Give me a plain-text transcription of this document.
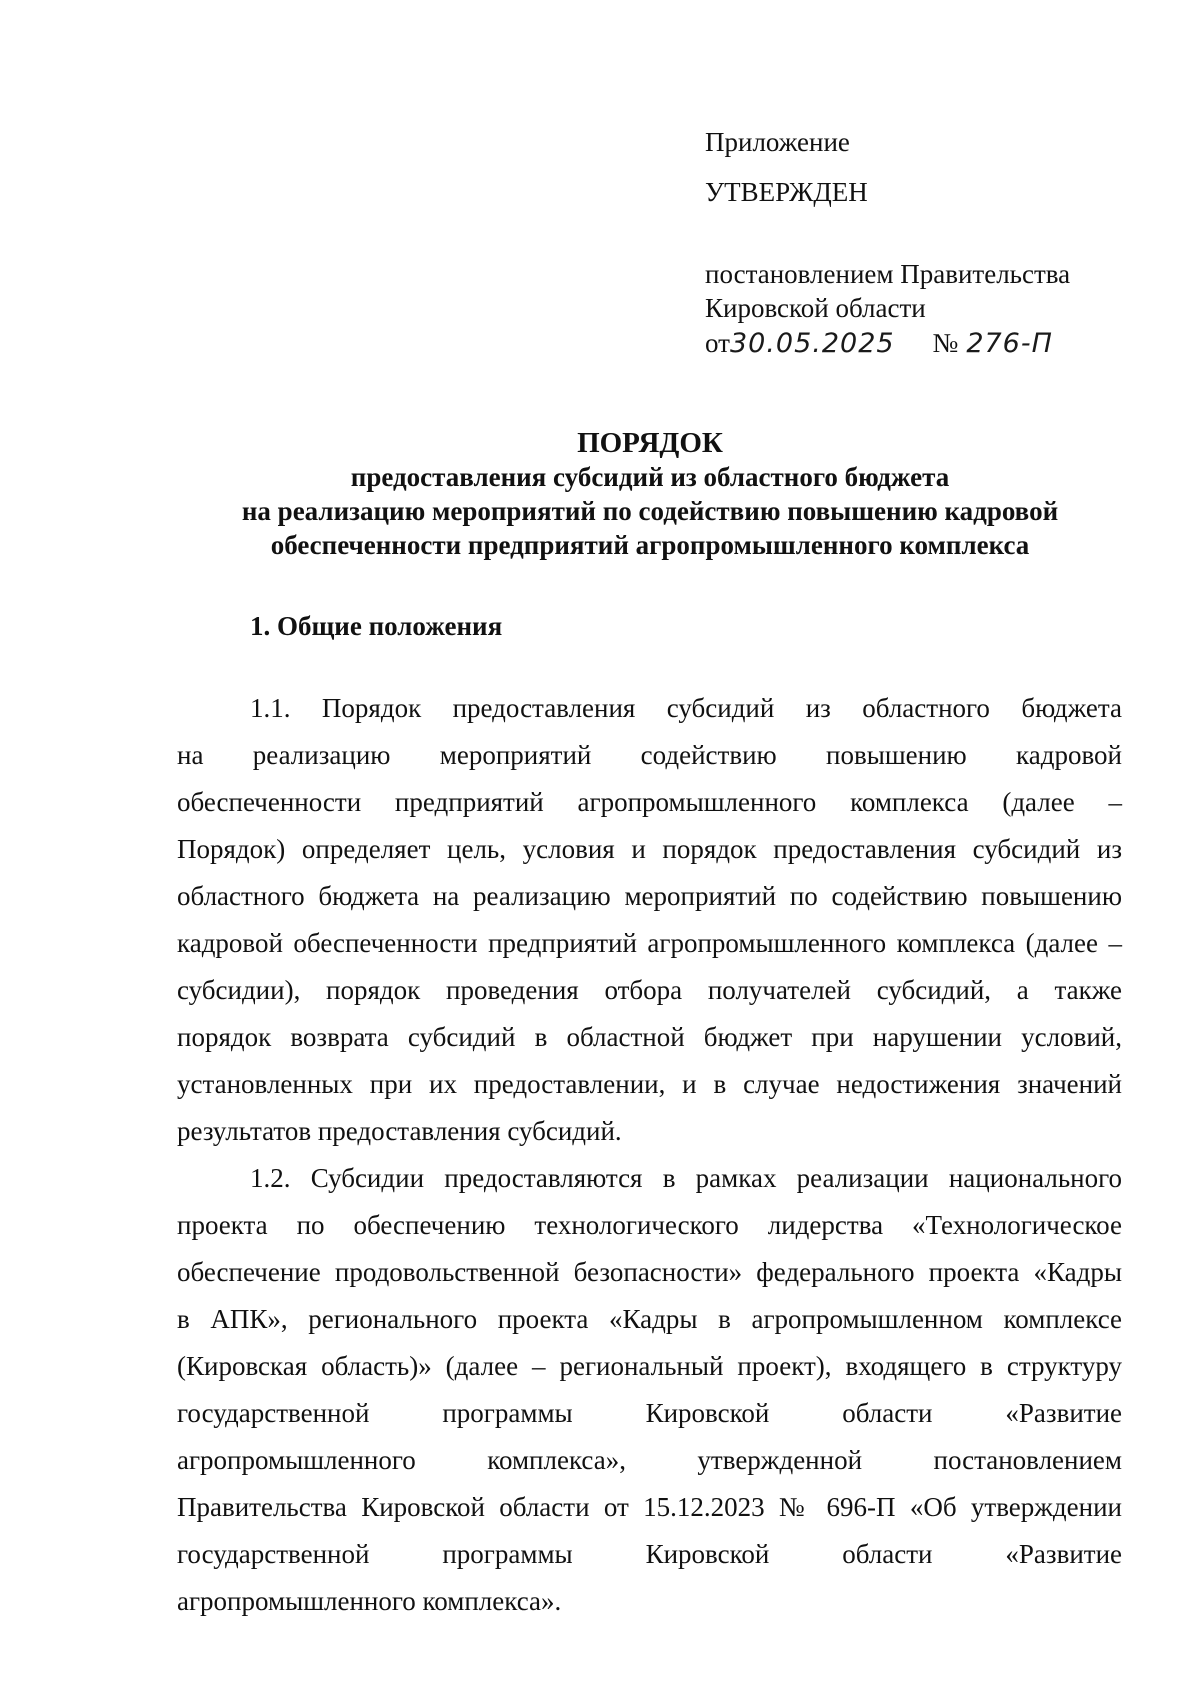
Приложение
УТВЕРЖДЕН
постановлением Правительства
Кировской области
от30.05.2025 № 276-П
ПОРЯДОК
предоставления субсидий из областного бюджета
на реализацию мероприятий по содействию повышению кадровой
обеспеченности предприятий агропромышленного комплекса
1. Общие положения
1.1. Порядок предоставления субсидий из областного бюджета
на реализацию мероприятий содействию повышению кадровой
обеспеченности предприятий агропромышленного комплекса (далее –
Порядок) определяет цель, условия и порядок предоставления субсидий из
областного бюджета на реализацию мероприятий по содействию повышению
кадровой обеспеченности предприятий агропромышленного комплекса (далее –
субсидии), порядок проведения отбора получателей субсидий, а также
порядок возврата субсидий в областной бюджет при нарушении условий,
установленных при их предоставлении, и в случае недостижения значений
результатов предоставления субсидий.
1.2. Субсидии предоставляются в рамках реализации национального
проекта по обеспечению технологического лидерства «Технологическое
обеспечение продовольственной безопасности» федерального проекта «Кадры
в АПК», регионального проекта «Кадры в агропромышленном комплексе
(Кировская область)» (далее – региональный проект), входящего в структуру
государственной программы Кировской области «Развитие
агропромышленного комплекса», утвержденной постановлением
Правительства Кировской области от 15.12.2023 № 696-П «Об утверждении
государственной программы Кировской области «Развитие
агропромышленного комплекса».
